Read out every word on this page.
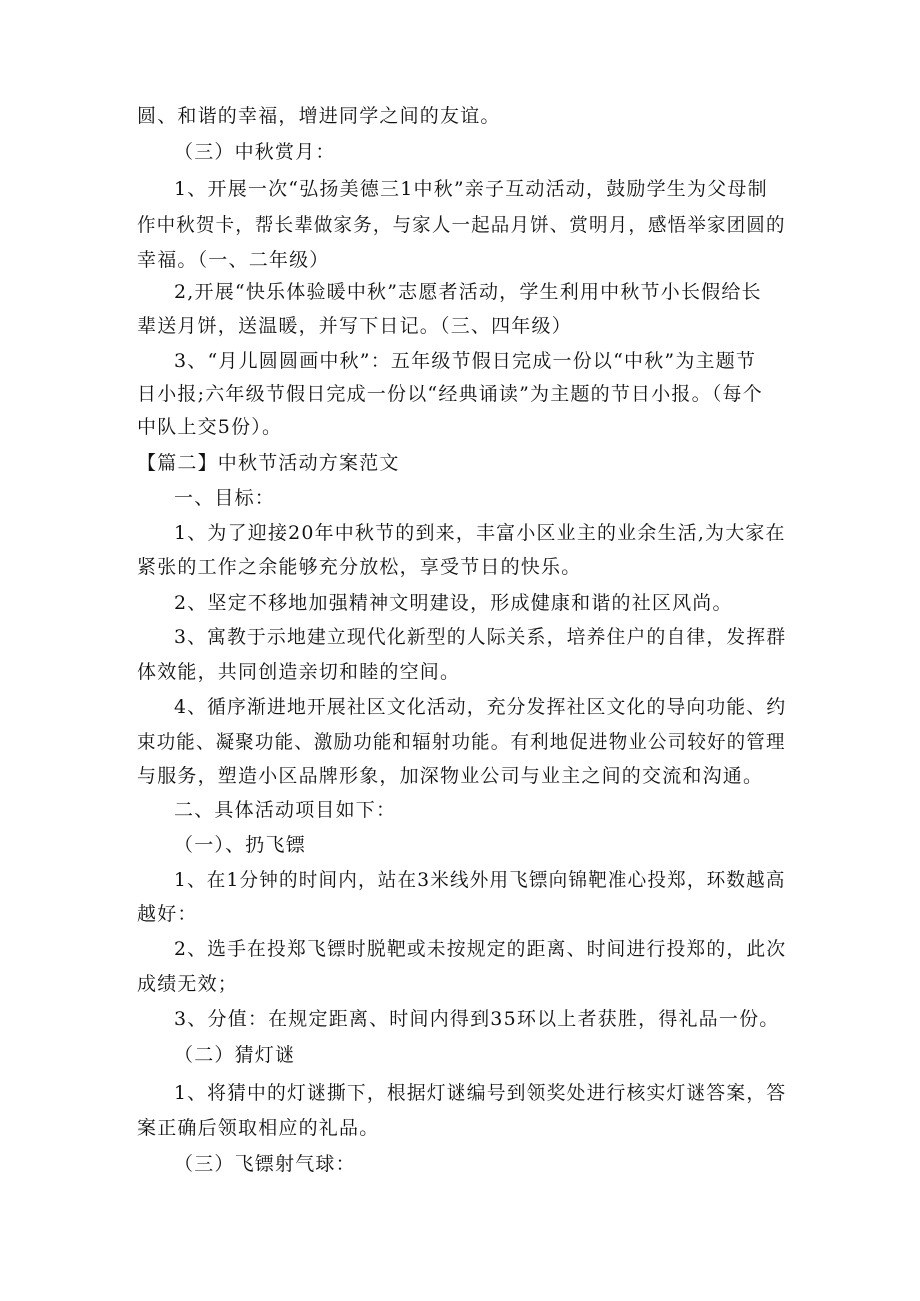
圆、和谐的幸福，增进同学之间的友谊。
（三）中秋赏月：
1、开展一次“弘扬美德三1中秋”亲子互动活动，鼓励学生为父母制
作中秋贺卡，帮长辈做家务，与家人一起品月饼、赏明月，感悟举家团圆的
幸福。（一、二年级）
2,开展“快乐体验暖中秋”志愿者活动，学生利用中秋节小长假给长
辈送月饼，送温暖，并写下日记。（三、四年级）
3、“月儿圆圆画中秋”：五年级节假日完成一份以“中秋”为主题节
日小报;六年级节假日完成一份以“经典诵读”为主题的节日小报。（每个
中队上交5份）。
【篇二】中秋节活动方案范文
一、目标：
1、为了迎接20年中秋节的到来，丰富小区业主的业余生活,为大家在
紧张的工作之余能够充分放松，享受节日的快乐。
2、坚定不移地加强精神文明建设，形成健康和谐的社区风尚。
3、寓教于示地建立现代化新型的人际关系，培养住户的自律，发挥群
体效能，共同创造亲切和睦的空间。
4、循序渐进地开展社区文化活动，充分发挥社区文化的导向功能、约
束功能、凝聚功能、激励功能和辐射功能。有利地促进物业公司较好的管理
与服务，塑造小区品牌形象，加深物业公司与业主之间的交流和沟通。
二、具体活动项目如下：
（一）、扔飞镖
1、在1分钟的时间内，站在3米线外用飞镖向锦靶准心投郑，环数越高
越好：
2、选手在投郑飞镖时脱靶或未按规定的距离、时间进行投郑的，此次
成绩无效；
3、分值：在规定距离、时间内得到35环以上者获胜，得礼品一份。
（二）猜灯谜
1、将猜中的灯谜撕下，根据灯谜编号到领奖处进行核实灯谜答案，答
案正确后领取相应的礼品。
（三）飞镖射气球：
